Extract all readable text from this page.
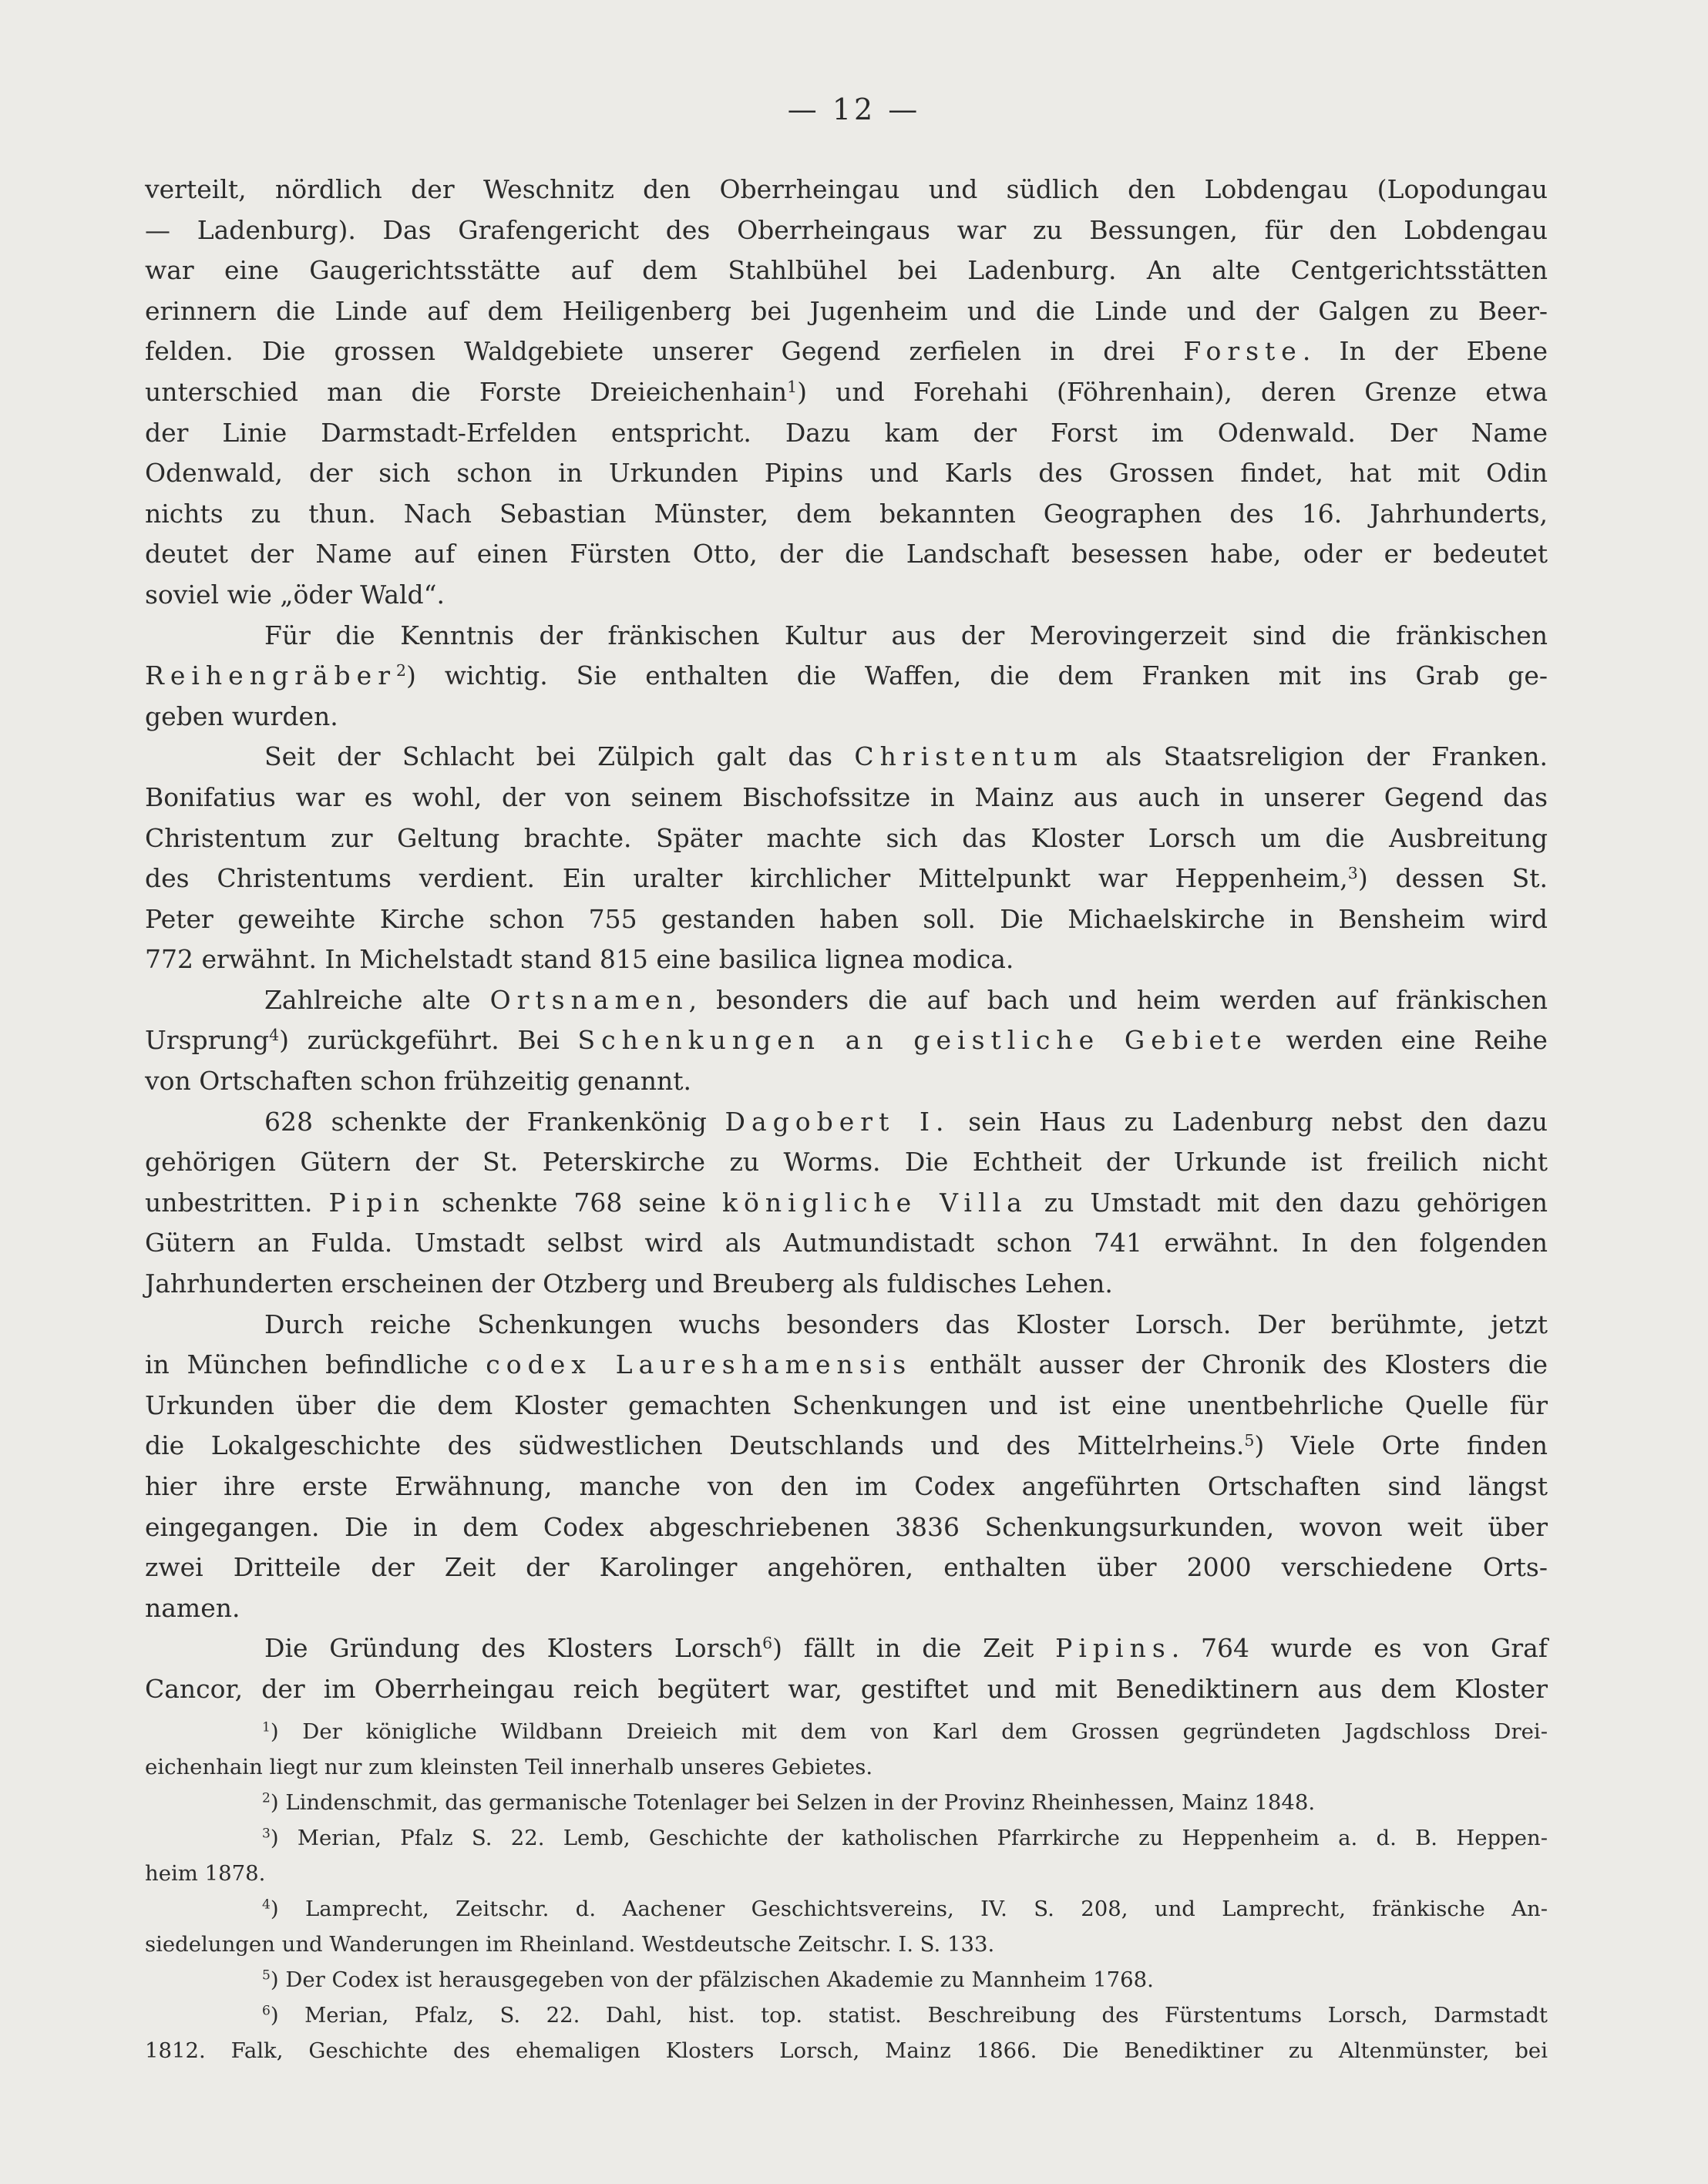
— 12 —

verteilt, nördlich der Weschnitz den Oberrheingau und südlich den Lobdengau (Lopodungau

— Ladenburg). Das Grafengericht des Oberrheingaus war zu Bessungen, für den Lobdengau

war eine Gaugerichtsstätte auf dem Stahlbühel bei Ladenburg. An alte Centgerichtsstätten

erinnern die Linde auf dem Heiligenberg bei Jugenheim und die Linde und der Galgen zu Beer-

felden. Die grossen Waldgebiete unserer Gegend zerfielen in drei Forste. In der Ebene

unterschied man die Forste Dreieichenhain$^1$) und Forehahi (Föhrenhain), deren Grenze etwa

der Linie Darmstadt-Erfelden entspricht. Dazu kam der Forst im Odenwald. Der Name

Odenwald, der sich schon in Urkunden Pipins und Karls des Grossen findet, hat mit Odin

nichts zu thun. Nach Sebastian Münster, dem bekannten Geographen des 16. Jahrhunderts,

deutet der Name auf einen Fürsten Otto, der die Landschaft besessen habe, oder er bedeutet

soviel wie „öder Wald“.

Für die Kenntnis der fränkischen Kultur aus der Merovingerzeit sind die fränkischen

Reihengräber$^2$) wichtig. Sie enthalten die Waffen, die dem Franken mit ins Grab ge-

geben wurden.

Seit der Schlacht bei Zülpich galt das Christentum als Staatsreligion der Franken.

Bonifatius war es wohl, der von seinem Bischofssitze in Mainz aus auch in unserer Gegend das

Christentum zur Geltung brachte. Später machte sich das Kloster Lorsch um die Ausbreitung

des Christentums verdient. Ein uralter kirchlicher Mittelpunkt war Heppenheim,$^3$) dessen St.

Peter geweihte Kirche schon 755 gestanden haben soll. Die Michaelskirche in Bensheim wird

772 erwähnt. In Michelstadt stand 815 eine basilica lignea modica.

Zahlreiche alte Ortsnamen, besonders die auf bach und heim werden auf fränkischen

Ursprung$^4$) zurückgeführt. Bei Schenkungen an geistliche Gebiete werden eine Reihe

von Ortschaften schon frühzeitig genannt.

628 schenkte der Frankenkönig Dagobert I. sein Haus zu Ladenburg nebst den dazu

gehörigen Gütern der St. Peterskirche zu Worms. Die Echtheit der Urkunde ist freilich nicht

unbestritten. Pipin schenkte 768 seine königliche Villa zu Umstadt mit den dazu gehörigen

Gütern an Fulda. Umstadt selbst wird als Autmundistadt schon 741 erwähnt. In den folgenden

Jahrhunderten erscheinen der Otzberg und Breuberg als fuldisches Lehen.

Durch reiche Schenkungen wuchs besonders das Kloster Lorsch. Der berühmte, jetzt

in München befindliche codex Laureshamensis enthält ausser der Chronik des Klosters die

Urkunden über die dem Kloster gemachten Schenkungen und ist eine unentbehrliche Quelle für

die Lokalgeschichte des südwestlichen Deutschlands und des Mittelrheins.$^5$) Viele Orte finden

hier ihre erste Erwähnung, manche von den im Codex angeführten Ortschaften sind längst

eingegangen. Die in dem Codex abgeschriebenen 3836 Schenkungsurkunden, wovon weit über

zwei Dritteile der Zeit der Karolinger angehören, enthalten über 2000 verschiedene Orts-

namen.

Die Gründung des Klosters Lorsch$^6$) fällt in die Zeit Pipins. 764 wurde es von Graf

Cancor, der im Oberrheingau reich begütert war, gestiftet und mit Benediktinern aus dem Kloster

$^1$) Der königliche Wildbann Dreieich mit dem von Karl dem Grossen gegründeten Jagdschloss Drei-

eichenhain liegt nur zum kleinsten Teil innerhalb unseres Gebietes.

$^2$) Lindenschmit, das germanische Totenlager bei Selzen in der Provinz Rheinhessen, Mainz 1848.

$^3$) Merian, Pfalz S. 22. Lemb, Geschichte der katholischen Pfarrkirche zu Heppenheim a. d. B. Heppen-

heim 1878.

$^4$) Lamprecht, Zeitschr. d. Aachener Geschichtsvereins, IV. S. 208, und Lamprecht, fränkische An-

siedelungen und Wanderungen im Rheinland. Westdeutsche Zeitschr. I. S. 133.

$^5$) Der Codex ist herausgegeben von der pfälzischen Akademie zu Mannheim 1768.

$^6$) Merian, Pfalz, S. 22. Dahl, hist. top. statist. Beschreibung des Fürstentums Lorsch, Darmstadt

1812. Falk, Geschichte des ehemaligen Klosters Lorsch, Mainz 1866. Die Benediktiner zu Altenmünster, bei
